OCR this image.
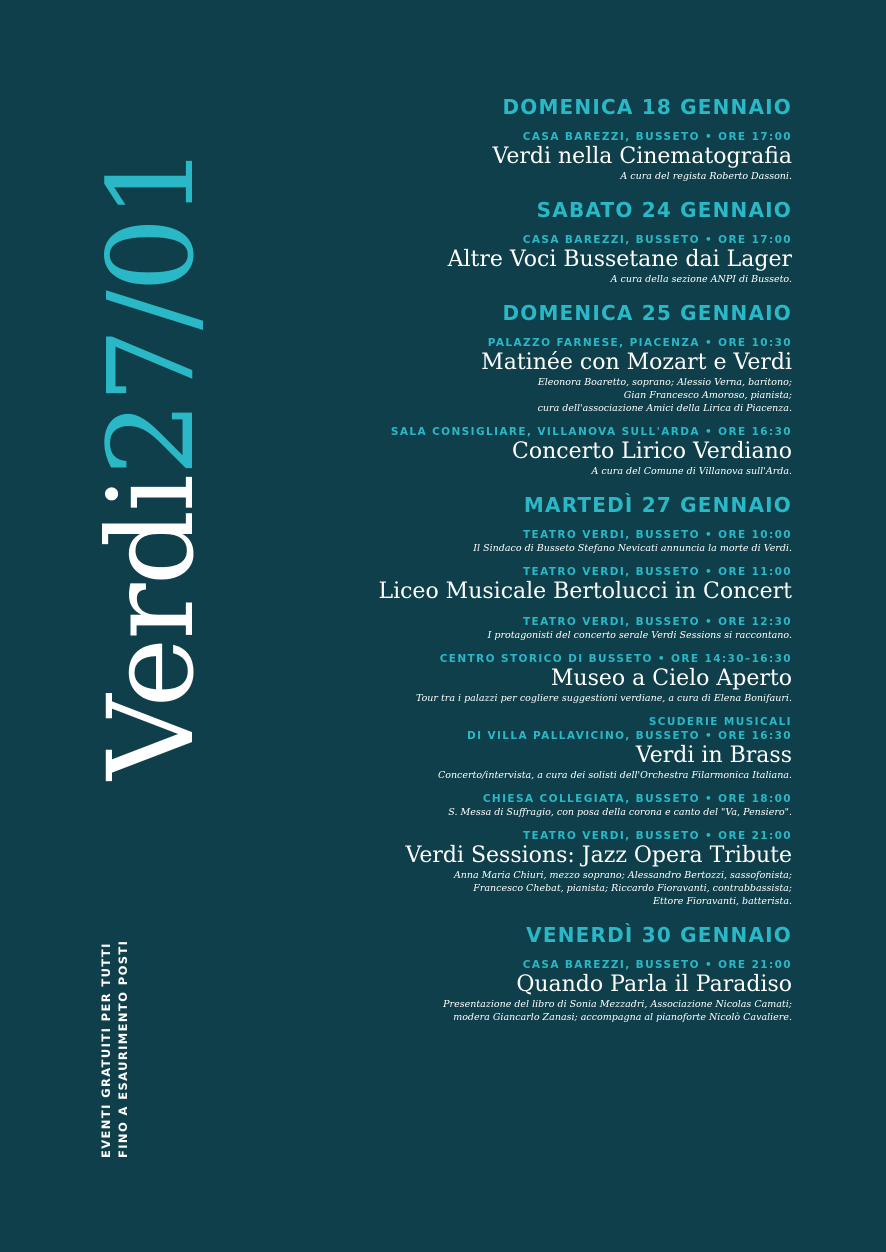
Verdi27/01
EVENTI GRATUITI PER TUTTI FINO A ESAURIMENTO POSTI
DOMENICA 18 GENNAIO
CASA BAREZZI, BUSSETO • ORE 17:00
Verdi nella Cinematografia
A cura del regista Roberto Dassoni.
SABATO 24 GENNAIO
CASA BAREZZI, BUSSETO • ORE 17:00
Altre Voci Bussetane dai Lager
A cura della sezione ANPI di Busseto.
DOMENICA 25 GENNAIO
PALAZZO FARNESE, PIACENZA • ORE 10:30
Matinée con Mozart e Verdi
Eleonora Boaretto, soprano; Alessio Verna, baritono;
Gian Francesco Amoroso, pianista;
cura dell'associazione Amici della Lirica di Piacenza.
SALA CONSIGLIARE, VILLANOVA SULL'ARDA • ORE 16:30
Concerto Lirico Verdiano
A cura del Comune di Villanova sull'Arda.
MARTEDÌ 27 GENNAIO
TEATRO VERDI, BUSSETO • ORE 10:00
Il Sindaco di Busseto Stefano Nevicati annuncia la morte di Verdi.
TEATRO VERDI, BUSSETO • ORE 11:00
Liceo Musicale Bertolucci in Concert
TEATRO VERDI, BUSSETO • ORE 12:30
I protagonisti del concerto serale Verdi Sessions si raccontano.
CENTRO STORICO DI BUSSETO • ORE 14:30–16:30
Museo a Cielo Aperto
Tour tra i palazzi per cogliere suggestioni verdiane, a cura di Elena Bonifauri.
SCUDERIE MUSICALI
DI VILLA PALLAVICINO, BUSSETO • ORE 16:30
Verdi in Brass
Concerto/intervista, a cura dei solisti dell'Orchestra Filarmonica Italiana.
CHIESA COLLEGIATA, BUSSETO • ORE 18:00
S. Messa di Suffragio, con posa della corona e canto del "Va, Pensiero".
TEATRO VERDI, BUSSETO • ORE 21:00
Verdi Sessions: Jazz Opera Tribute
Anna Maria Chiuri, mezzo soprano; Alessandro Bertozzi, sassofonista;
Francesco Chebat, pianista; Riccardo Fioravanti, contrabbassista;
Ettore Fioravanti, batterista.
VENERDÌ 30 GENNAIO
CASA BAREZZI, BUSSETO • ORE 21:00
Quando Parla il Paradiso
Presentazione del libro di Sonia Mezzadri, Associazione Nicolas Camati;
moderа Giancarlo Zanasi; accompagna al pianoforte Nicolò Cavaliere.
